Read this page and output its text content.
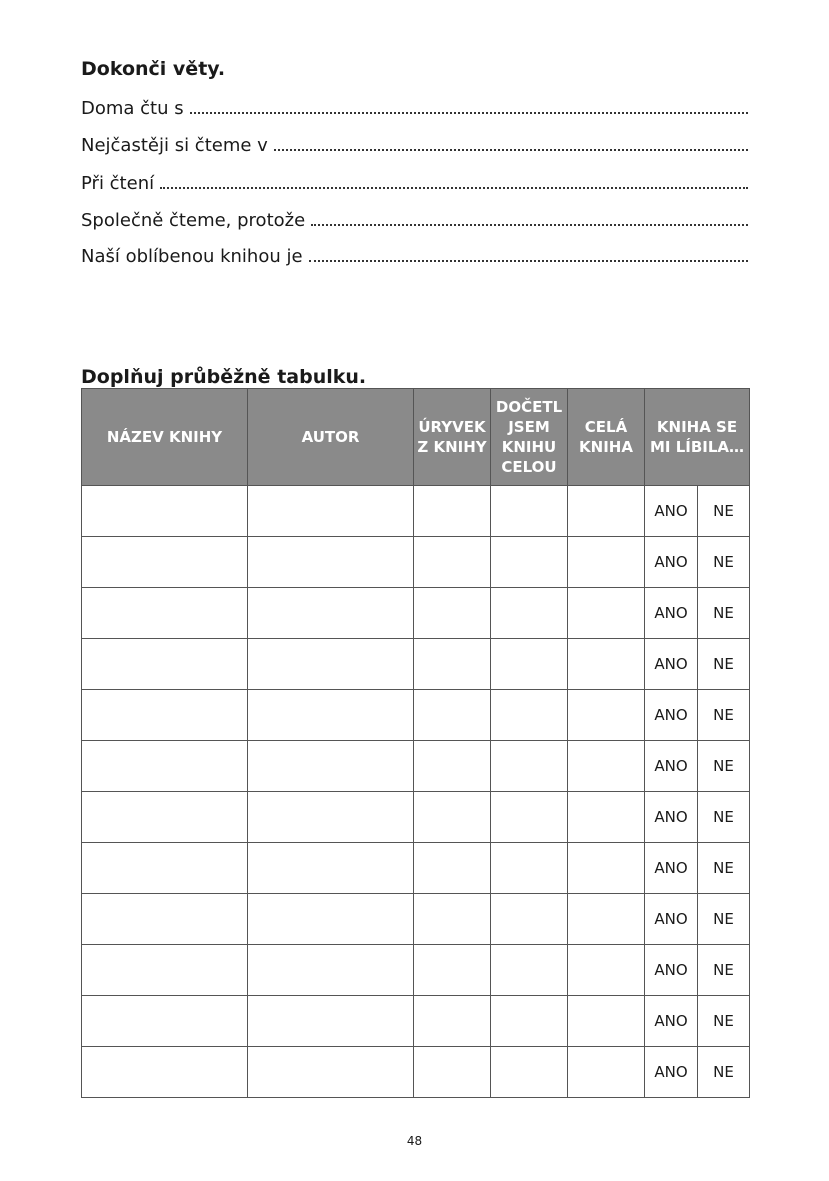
Dokonči věty.
Doma čtu s
Nejčastěji si čteme v
Při čtení
Společně čteme, protože
Naší oblíbenou knihou je
Doplňuj průběžně tabulku.
NÁZEV KNIHY	AUTOR	ÚRYVEK Z KNIHY	DOČETL JSEM KNIHU CELOU	CELÁ KNIHA	KNIHA SE MI LÍBILA…	
					ANO	NE
					ANO	NE
					ANO	NE
					ANO	NE
					ANO	NE
					ANO	NE
					ANO	NE
					ANO	NE
					ANO	NE
					ANO	NE
					ANO	NE
					ANO	NE
48
